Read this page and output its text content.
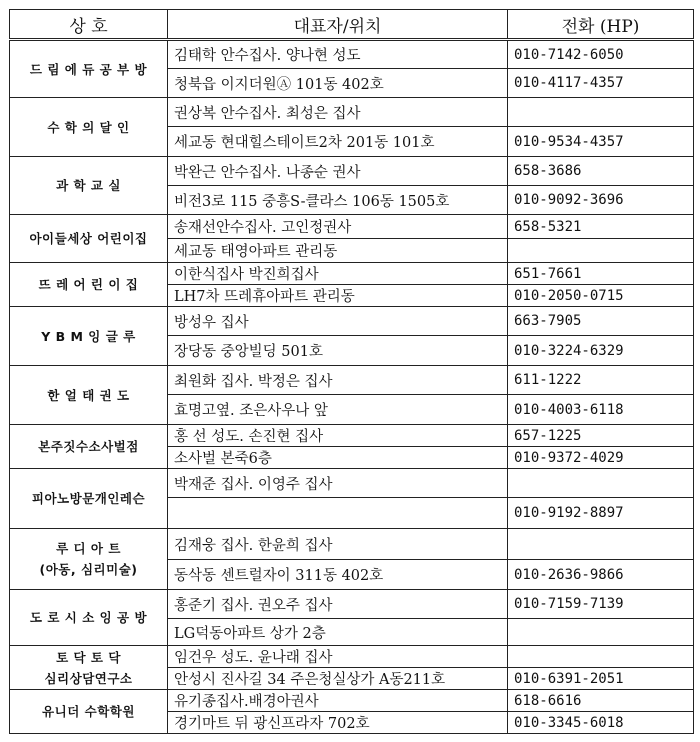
상 호	대표자/위치	전화 (HP)
드 림 에 듀 공 부 방	김태학 안수집사. 양나현 성도	010-7142-6050
	청북읍 이지더원Ⓐ 101동 402호	010-4117-4357
수 학 의 달 인	권상복 안수집사. 최성은 집사	
	세교동 현대힐스테이트2차 201동 101호	010-9534-4357
과 학 교 실	박완근 안수집사. 나종순 권사	658-3686
	비전3로 115 중흥S-클라스 106동 1505호	010-9092-3696
아이들세상 어린이집	송재선안수집사. 고인정권사	658-5321
	세교동 태영아파트 관리동	
뜨 레 어 린 이 집	이한식집사 박진희집사	651-7661
	LH7차 뜨레휴아파트 관리동	010-2050-0715
Y B M 잉 글 루	방성우 집사	663-7905
	장당동 중앙빌딩 501호	010-3224-6329
한 얼 태 권 도	최원화 집사. 박정은 집사	611-1222
	효명고옆. 조은사우나 앞	010-4003-6118
본주짓수소사벌점	홍 선 성도. 손진현 집사	657-1225
	소사벌 본죽6층	010-9372-4029
피아노방문개인레슨	박재준 집사. 이영주 집사	
		010-9192-8897
루 디 아 트
(아동, 심리미술)	김재웅 집사. 한윤희 집사	
	동삭동 센트럴자이 311동 402호	010-2636-9866
도 로 시 소 잉 공 방	홍준기 집사. 권오주 집사	010-7159-7139
	LG덕동아파트 상가 2층	
토 닥 토 닥
심리상담연구소	임건우 성도. 윤나래 집사	
	안성시 진사길 34 주은청실상가 A동211호	010-6391-2051
유니더 수학학원	유기종집사.배경아권사	618-6616
	경기마트 뒤 광신프라자 702호	010-3345-6018
